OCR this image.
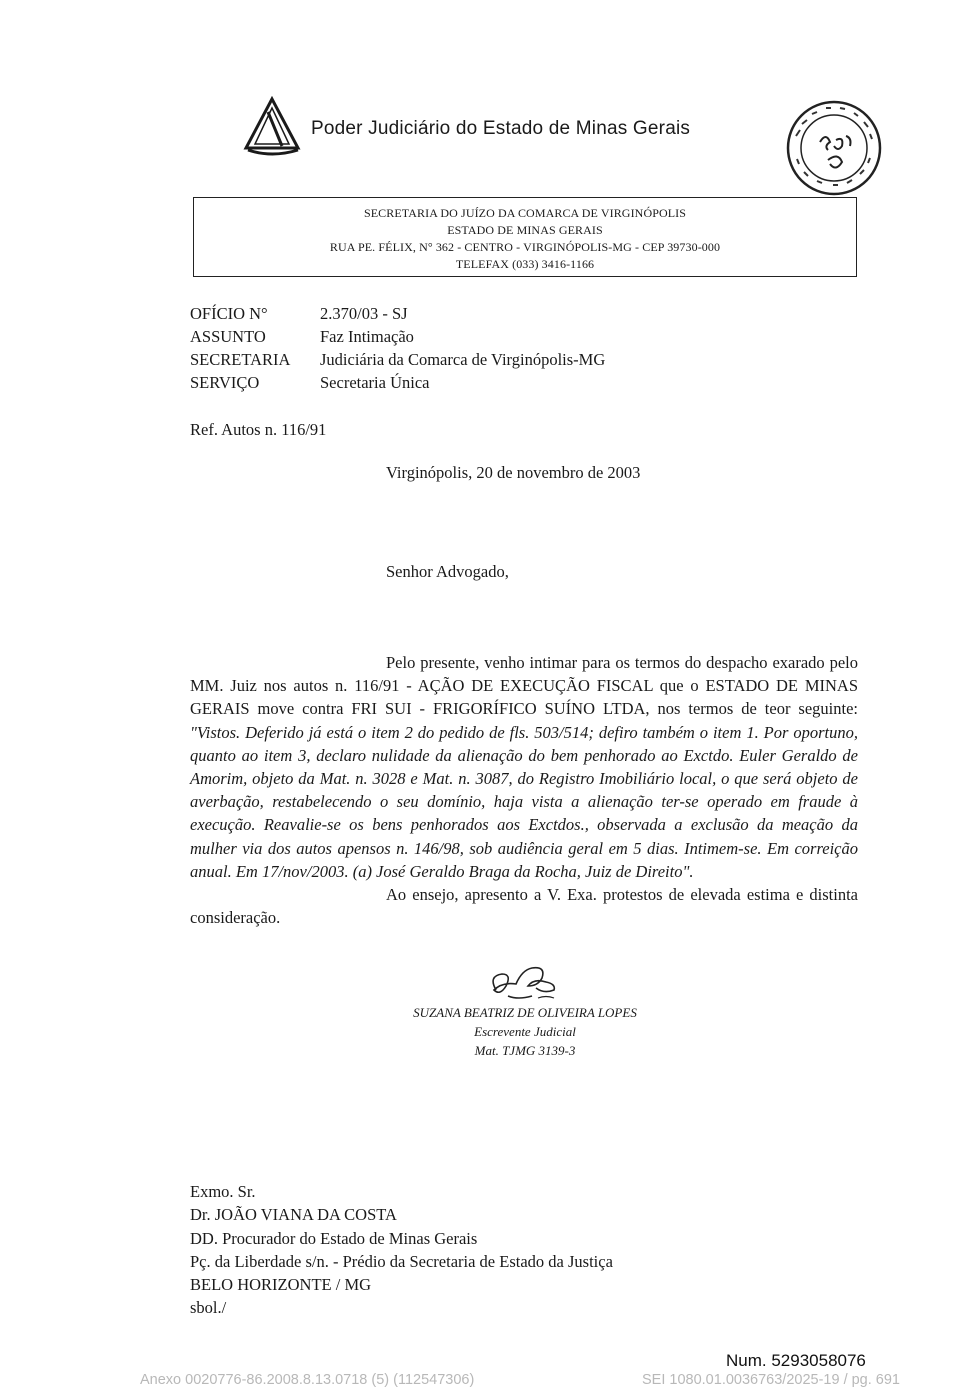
Poder Judiciário do Estado de Minas Gerais
SECRETARIA DO JUÍZO DA COMARCA DE VIRGINÓPOLIS
ESTADO DE MINAS GERAIS
RUA PE. FÉLIX, N° 362 - CENTRO - VIRGINÓPOLIS-MG - CEP 39730-000
TELEFAX (033) 3416-1166
OFÍCIO N°	2.370/03 - SJ
ASSUNTO	Faz Intimação
SECRETARIA	Judiciária da Comarca de Virginópolis-MG
SERVIÇO	Secretaria Única
Ref. Autos n. 116/91
Virginópolis, 20 de novembro de 2003
Senhor Advogado,

Pelo presente, venho intimar para os termos do despacho exarado pelo MM. Juiz nos autos n. 116/91 - AÇÃO DE EXECUÇÃO FISCAL que o ESTADO DE MINAS GERAIS move contra FRI SUI - FRIGORÍFICO SUÍNO LTDA, nos termos de teor seguinte: "Vistos. Deferido já está o item 2 do pedido de fls. 503/514; defiro também o item 1. Por oportuno, quanto ao item 3, declaro nulidade da alienação do bem penhorado ao Exctdo. Euler Geraldo de Amorim, objeto da Mat. n. 3028 e Mat. n. 3087, do Registro Imobiliário local, o que será objeto de averbação, restabelecendo o seu domínio, haja vista a alienação ter-se operado em fraude à execução. Reavalie-se os bens penhorados aos Exctdos., observada a exclusão da meação da mulher via dos autos apensos n. 146/98, sob audiência geral em 5 dias. Intimem-se. Em correição anual. Em 17/nov/2003. (a) José Geraldo Braga da Rocha, Juiz de Direito".

Ao ensejo, apresento a V. Exa. protestos de elevada estima e distinta consideração.

SUZANA BEATRIZ DE OLIVEIRA LOPES
Escrevente Judicial
Mat. TJMG 3139-3
Exmo. Sr.
Dr. JOÃO VIANA DA COSTA
DD. Procurador do Estado de Minas Gerais
Pç. da Liberdade s/n. - Prédio da Secretaria de Estado da Justiça
BELO HORIZONTE / MG
sbol./
Num. 5293058076
Anexo 0020776-86.2008.8.13.0718 (5) (112547306)	SEI 1080.01.0036763/2025-19 / pg. 691
